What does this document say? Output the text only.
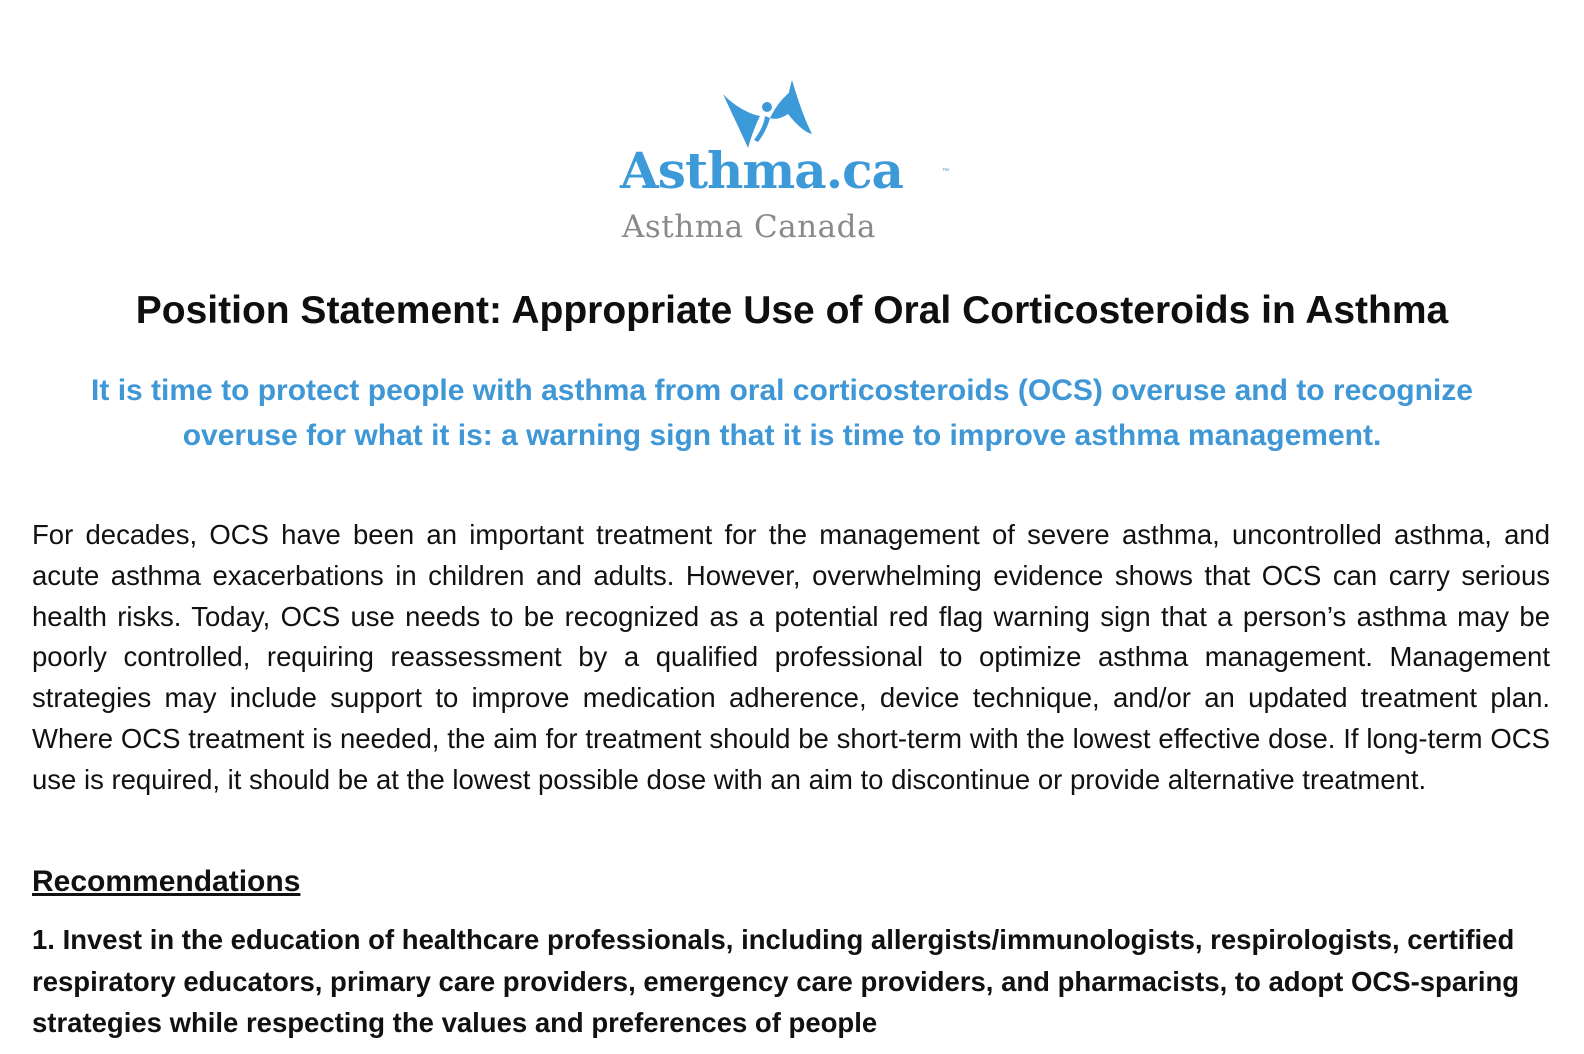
Asthma.ca	™
Asthma Canada
Position Statement: Appropriate Use of Oral Corticosteroids in Asthma

It is time to protect people with asthma from oral corticosteroids (OCS) overuse and to recognize overuse for what it is: a warning sign that it is time to improve asthma management.

For decades, OCS have been an important treatment for the management of severe asthma, uncontrolled asthma, and acute asthma exacerbations in children and adults. However, overwhelming evidence shows that OCS can carry serious health risks. Today, OCS use needs to be recognized as a potential red flag warning sign that a person’s asthma may be poorly controlled, requiring reassessment by a qualified professional to optimize asthma management. Management strategies may include support to improve medication adherence, device technique, and/or an updated treatment plan. Where OCS treatment is needed, the aim for treatment should be short-term with the lowest effective dose. If long-term OCS use is required, it should be at the lowest possible dose with an aim to discontinue or provide alternative treatment.

Recommendations

1. Invest in the education of healthcare professionals, including allergists/immunologists, respirologists, certified respiratory educators, primary care providers, emergency care providers, and pharmacists, to adopt OCS-sparing strategies while respecting the values and preferences of people
